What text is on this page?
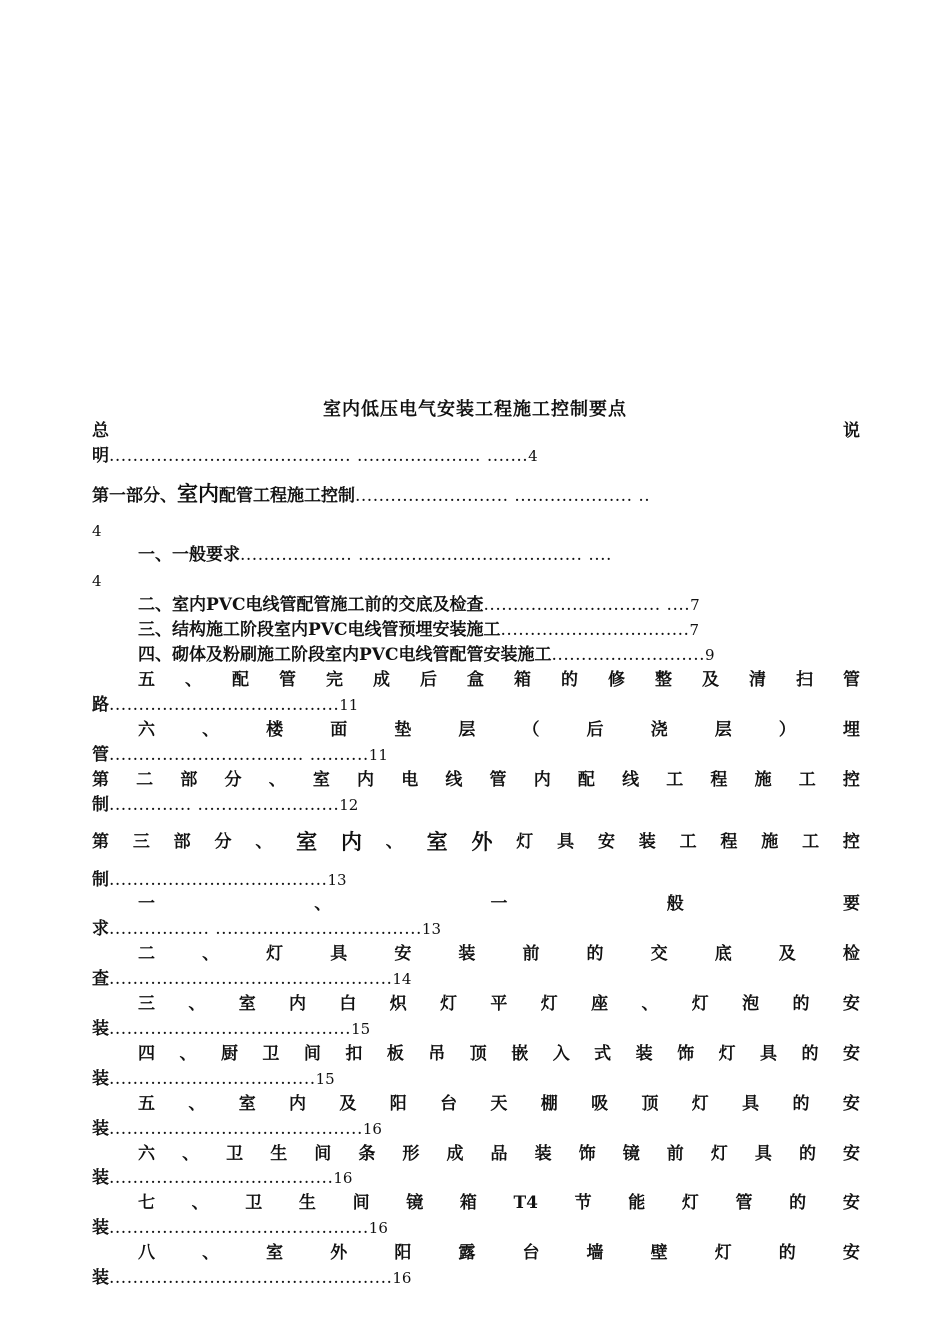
室内低压电气安装工程施工控制要点
总	说
明......................................... ..................... .......4
第一部分、室内配管工程施工控制.......................... .................... ..
4
一、一般要求................... ...................................... ....
4
二、室内PVC电线管配管施工前的交底及检查.............................. ....7
三、结构施工阶段室内PVC电线管预埋安装施工................................7
四、砌体及粉刷施工阶段室内PVC电线管配管安装施工..........................9
五 、 配 管 完 成 后 盒 箱 的 修 整 及 清 扫 管
路.......................................11
六	、	楼	面	垫	层	（	后	浇	层	）	埋
管................................. ..........11
第 二 部 分 、 室 内 电 线 管 内 配 线 工 程 施 工 控
制.............. ........................12
第 三 部 分 、 室 内 、 室 外 灯 具 安 装 工 程 施 工 控
制.....................................13
一	、	一	般	要
求................. ...................................13
二	、	灯	具	安	装	前	的	交	底	及	检
查................................................14
三 、 室 内 白 炽 灯 平 灯 座 、 灯 泡 的 安
装.........................................15
四 、 厨 卫 间 扣 板 吊 顶 嵌 入 式 装 饰 灯 具 的 安
装...................................15
五 、 室 内 及 阳 台 天 棚 吸 顶 灯 具 的 安
装...........................................16
六 、 卫 生 间 条 形 成 品 装 饰 镜 前 灯 具 的 安
装......................................16
七 、 卫 生 间 镜 箱 T4 节 能 灯 管 的 安
装............................................16
八	、	室	外	阳	露	台	墙	壁	灯	的	安
装................................................16
